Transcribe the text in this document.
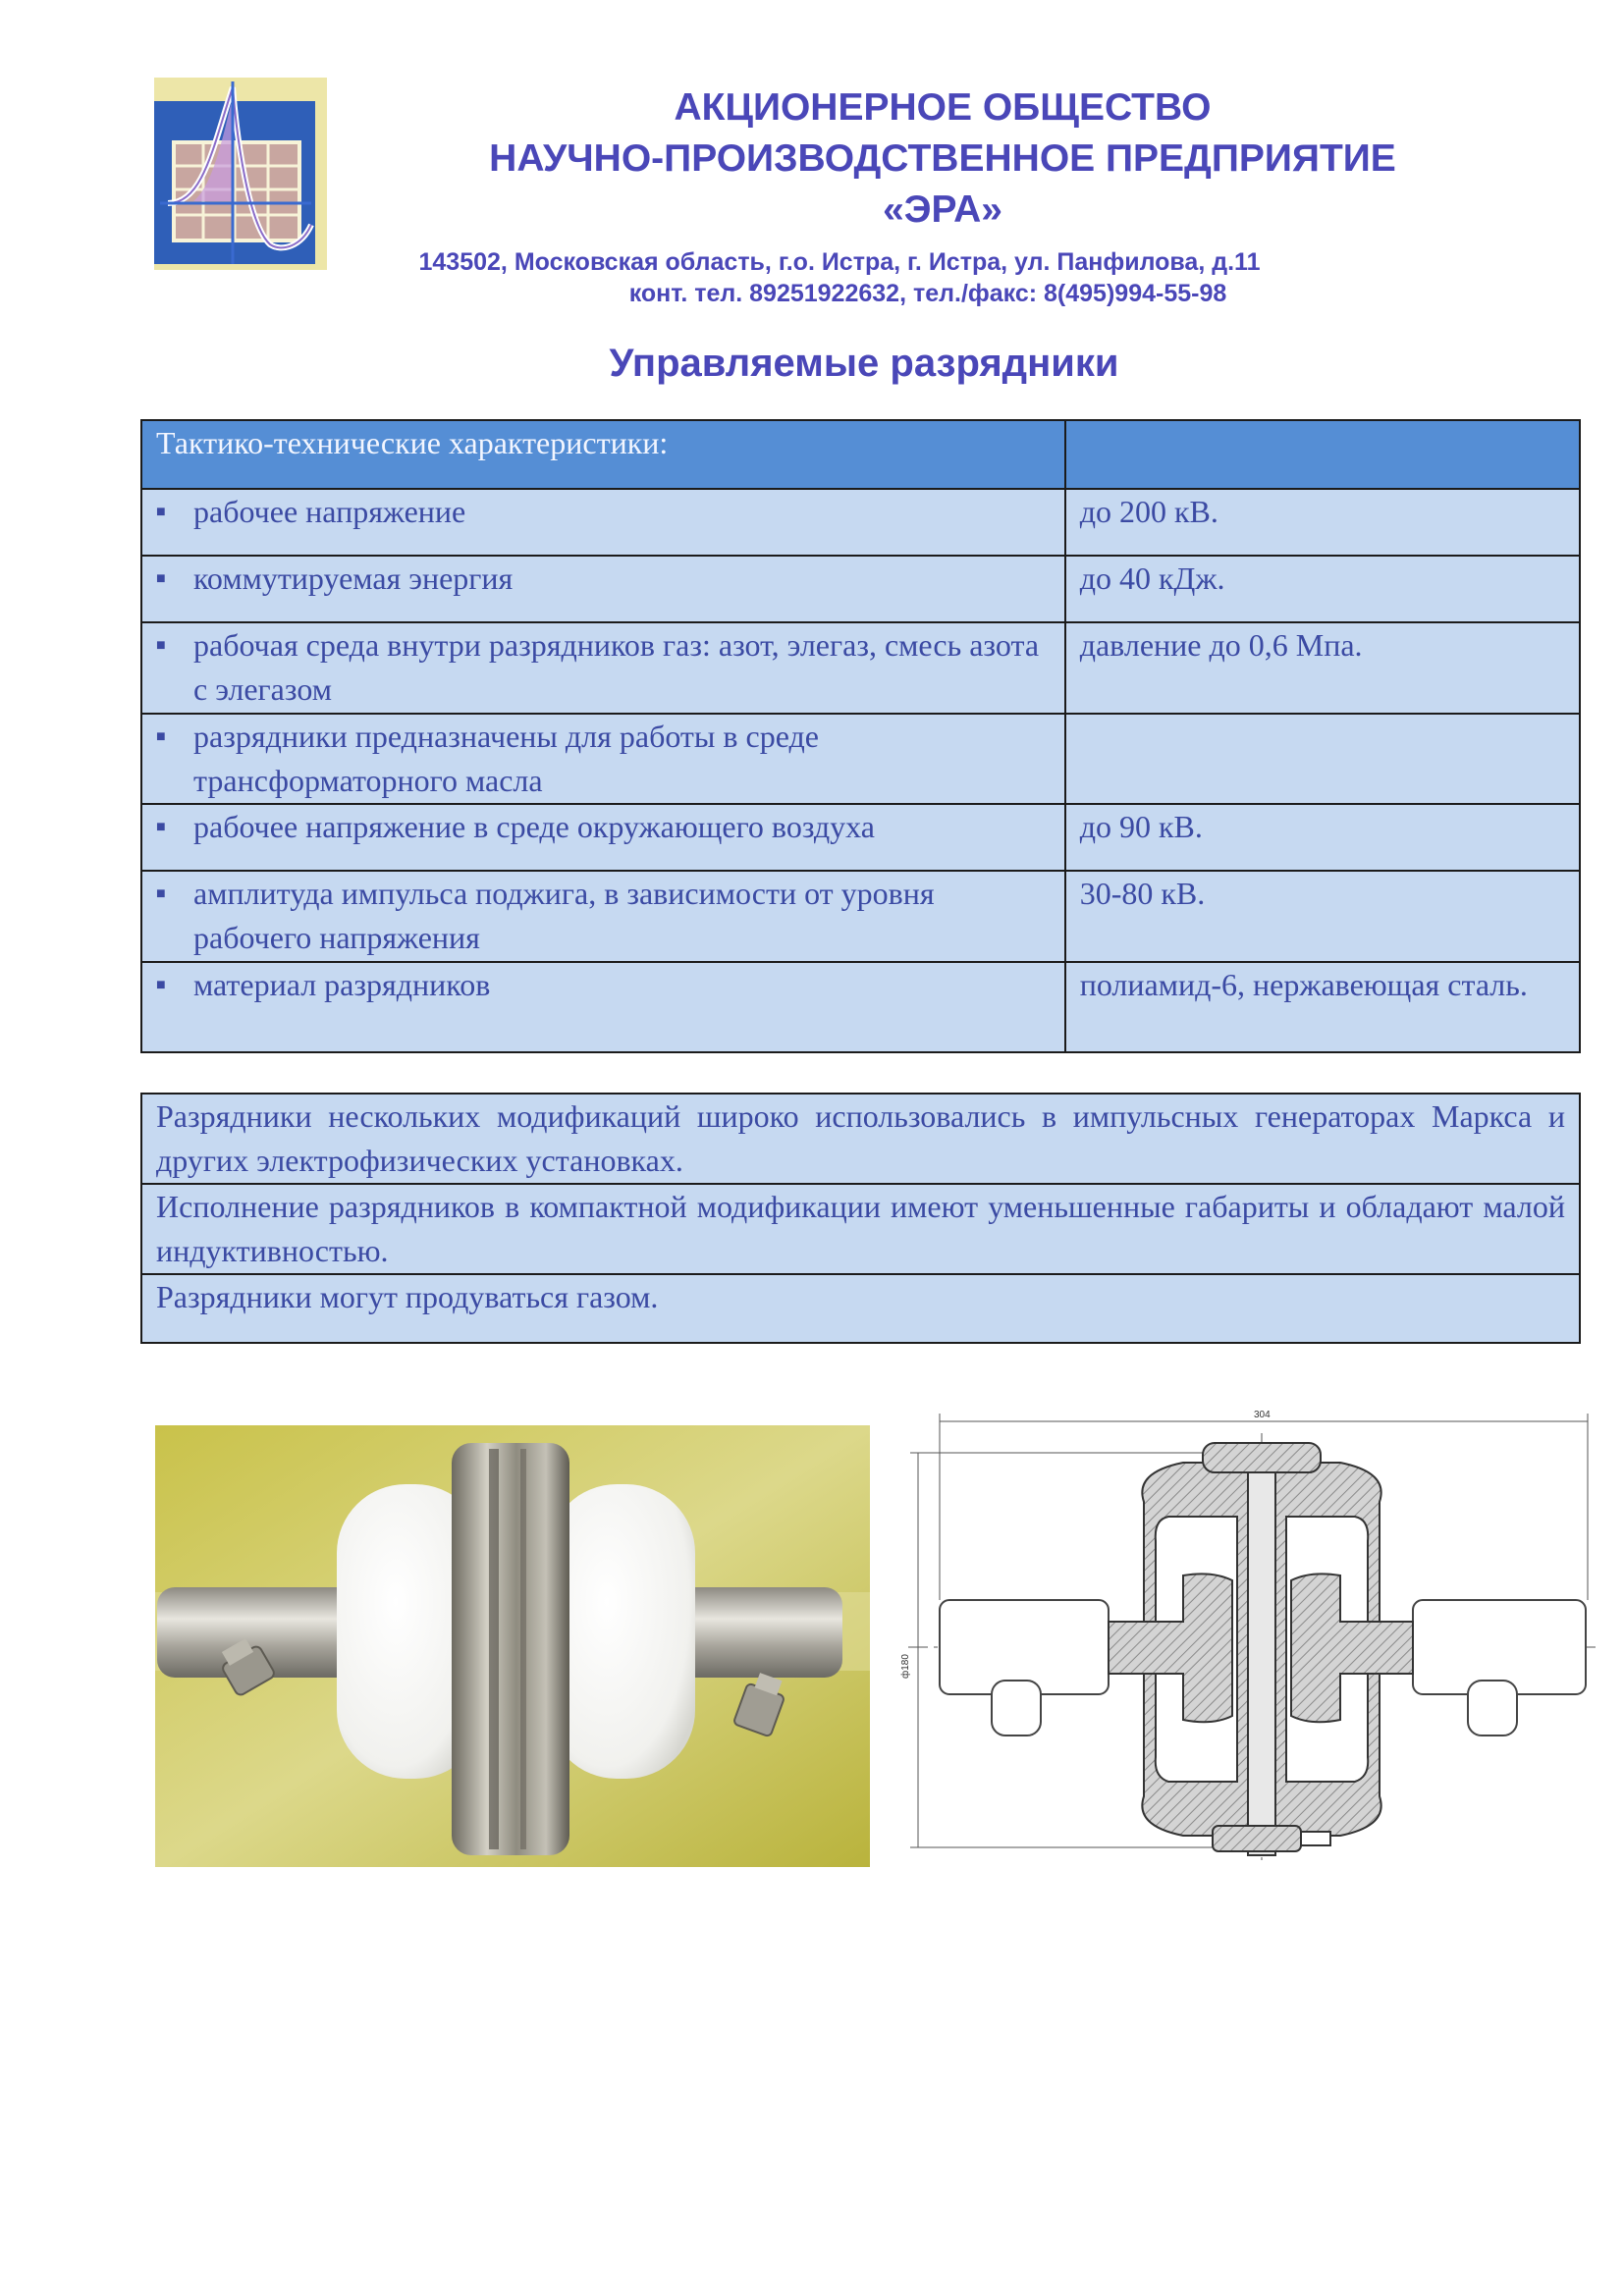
АКЦИОНЕРНОЕ ОБЩЕСТВО
НАУЧНО-ПРОИЗВОДСТВЕННОЕ ПРЕДПРИЯТИЕ
«ЭРА»
143502, Московская область, г.о. Истра, г. Истра, ул. Панфилова, д.11
конт. тел. 89251922632, тел./факс: 8(495)994-55-98
Управляемые разрядники
Тактико-технические характеристики:	

■ рабочее напряжение	до 200 кВ.

■ коммутируемая энергия	до 40 кДж.

■ рабочая среда внутри разрядников газ: азот, элегаз, смесь азота с элегазом	давление до 0,6 Мпа.

■ разрядники предназначены для работы в среде трансформаторного масла	

■ рабочее напряжение в среде окружающего воздуха	до 90 кВ.

■ амплитуда импульса поджига, в зависимости от уровня рабочего напряжения	30-80 кВ.

■ материал разрядников	полиамид-6, нержавеющая сталь.
Разрядники нескольких модификаций широко использовались в импульсных генераторах Маркса и других электрофизических установках.
Исполнение разрядников в компактной модификации имеют уменьшенные габариты и обладают малой индуктивностью.
Разрядники могут продуваться газом.
304
ф180
